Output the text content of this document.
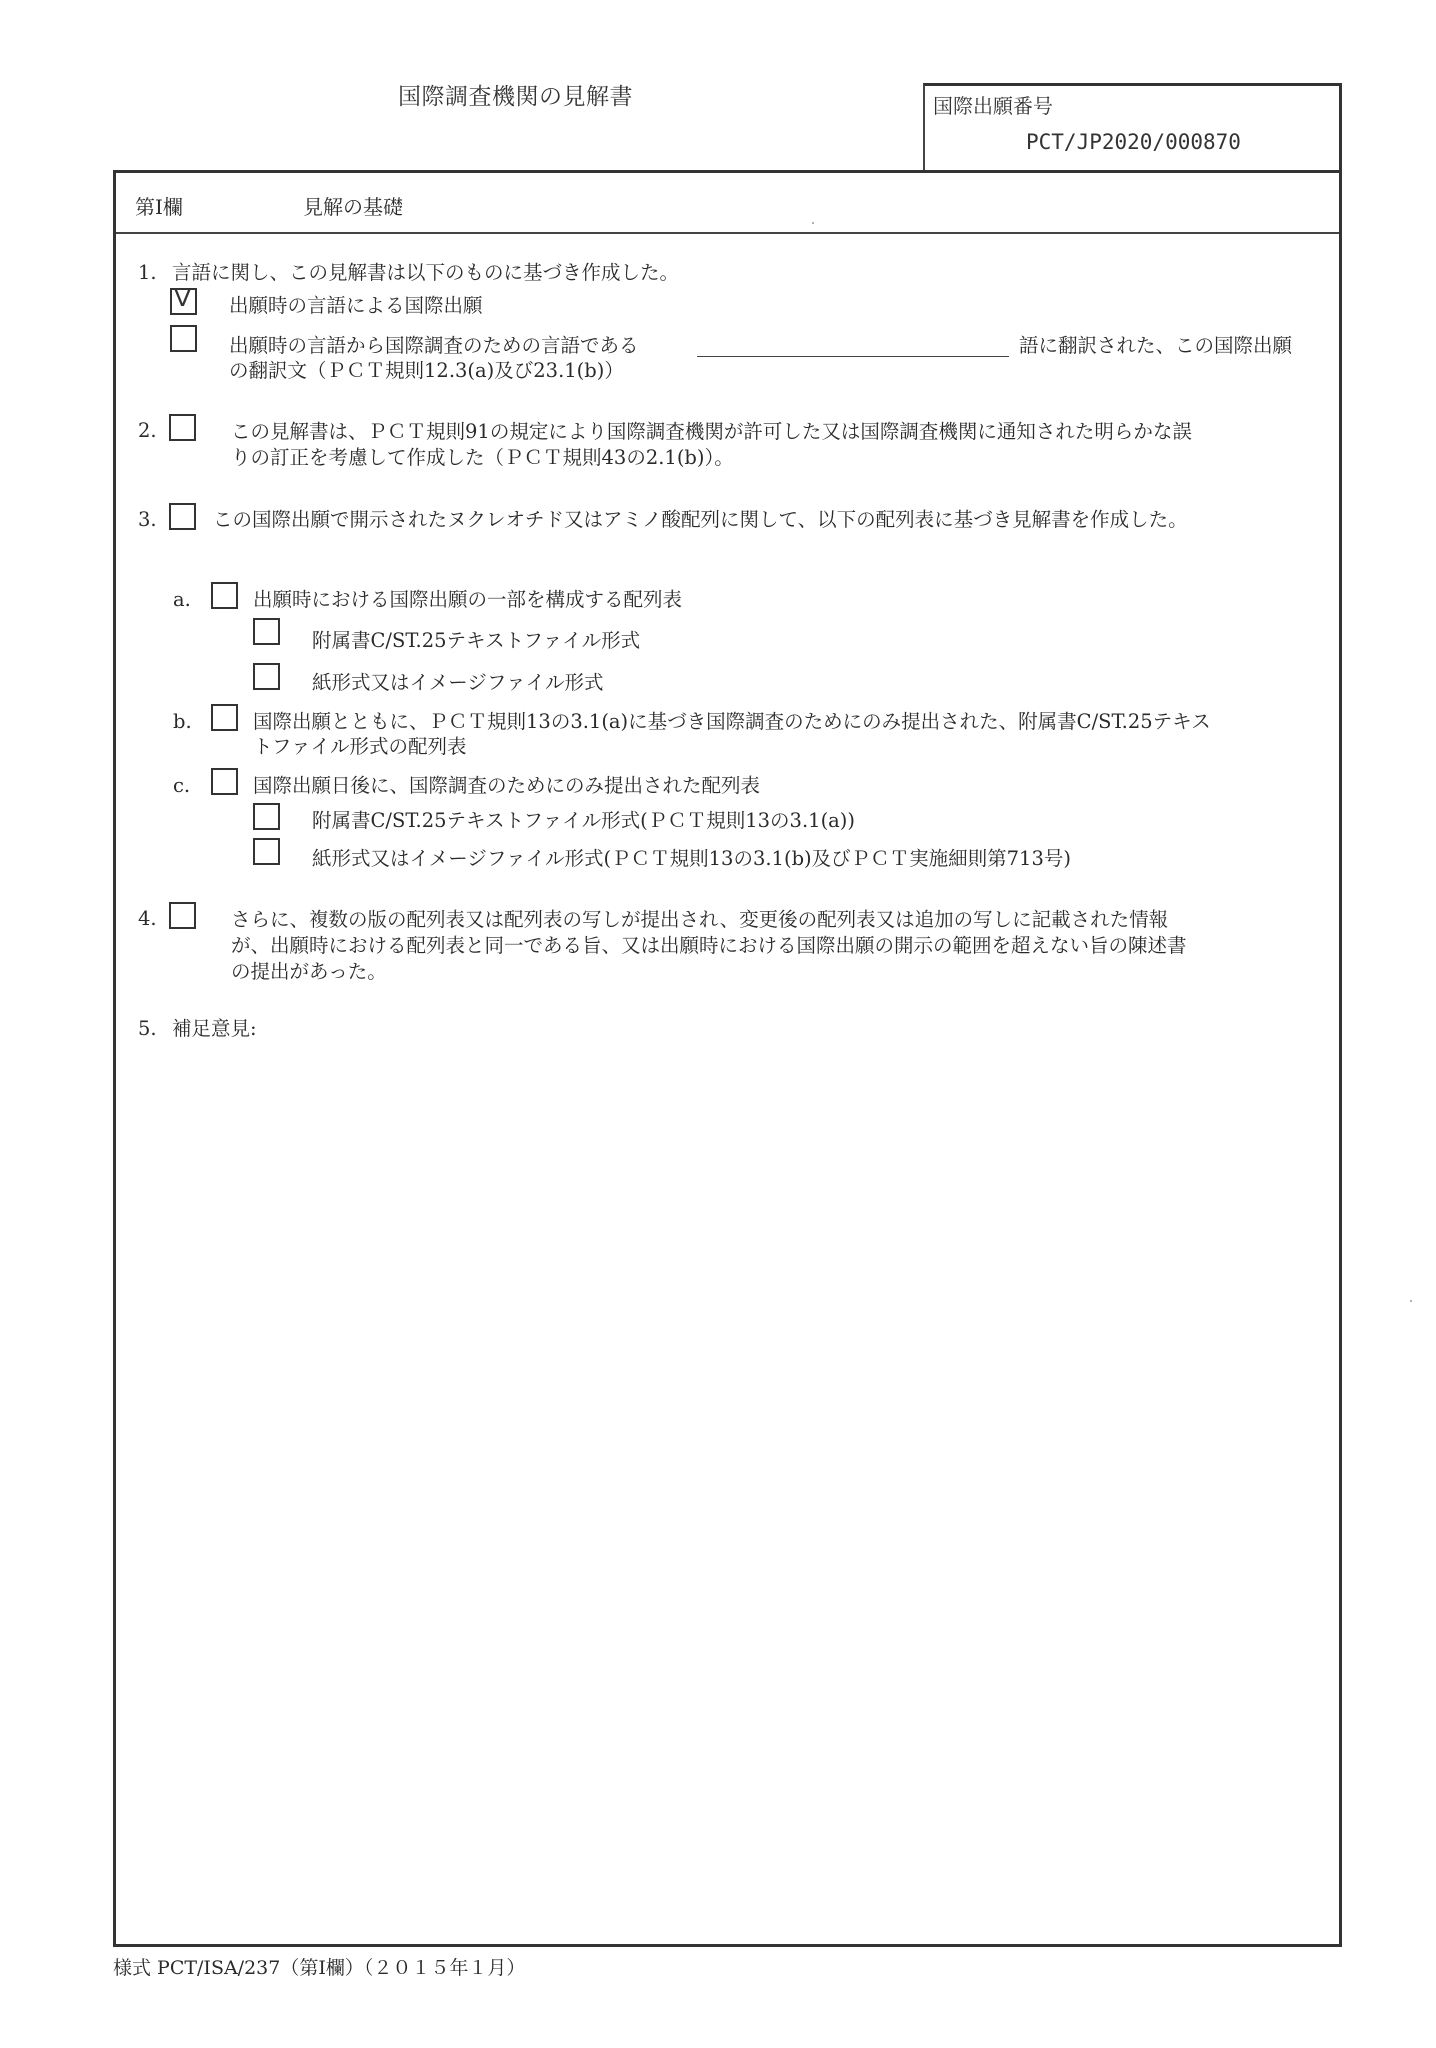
国際調査機関の見解書	国際出願番号
PCT/JP2020/000870
第Ⅰ欄	見解の基礎
1. 言語に関し、この見解書は以下のものに基づき作成した。
V 出願時の言語による国際出願
出願時の言語から国際調査のための言語である	語に翻訳された、この国際出願
の翻訳文（ＰＣＴ規則12.3(a)及び23.1(b)）
2.	この見解書は、ＰＣＴ規則91の規定により国際調査機関が許可した又は国際調査機関に通知された明らかな誤
りの訂正を考慮して作成した（ＰＣＴ規則43の2.1(b)）。
3.	この国際出願で開示されたヌクレオチド又はアミノ酸配列に関して、以下の配列表に基づき見解書を作成した。
a.	出願時における国際出願の一部を構成する配列表
附属書C/ST.25テキストファイル形式
紙形式又はイメージファイル形式
b.	国際出願とともに、ＰＣＴ規則13の3.1(a)に基づき国際調査のためにのみ提出された、附属書C/ST.25テキス
トファイル形式の配列表
c.	国際出願日後に、国際調査のためにのみ提出された配列表
附属書C/ST.25テキストファイル形式(ＰＣＴ規則13の3.1(a))
紙形式又はイメージファイル形式(ＰＣＴ規則13の3.1(b)及びＰＣＴ実施細則第713号)
4.	さらに、複数の版の配列表又は配列表の写しが提出され、変更後の配列表又は追加の写しに記載された情報
が、出願時における配列表と同一である旨、又は出願時における国際出願の開示の範囲を超えない旨の陳述書
の提出があった。
5. 補足意見:
様式 PCT/ISA/237（第Ⅰ欄）（２０１５年１月）
